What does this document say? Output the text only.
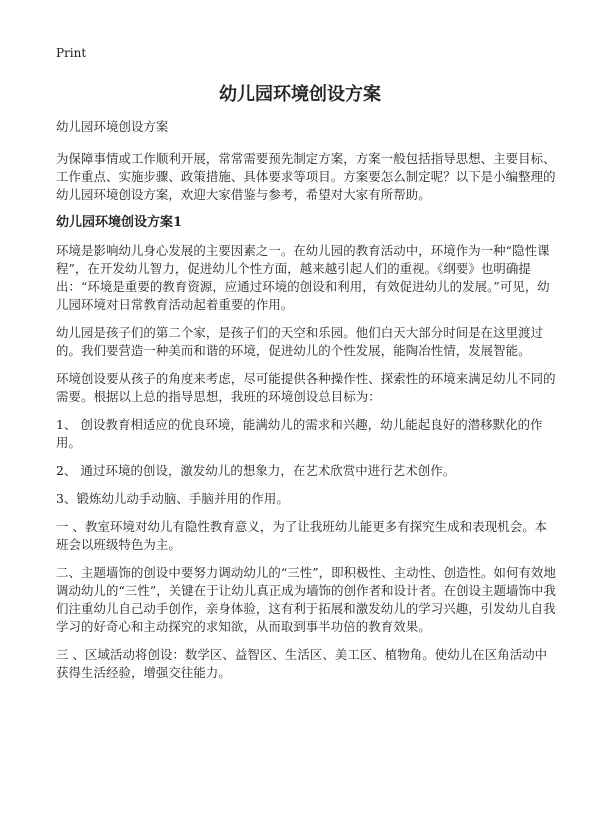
Print
幼儿园环境创设方案

幼儿园环境创设方案

为保障事情或工作顺利开展，常常需要预先制定方案，方案一般包括指导思想、主要目标、工作重点、实施步骤、政策措施、具体要求等项目。方案要怎么制定呢？以下是小编整理的幼儿园环境创设方案，欢迎大家借鉴与参考，希望对大家有所帮助。

幼儿园环境创设方案1

环境是影响幼儿身心发展的主要因素之一。在幼儿园的教育活动中，环境作为一种“隐性课程”，在开发幼儿智力，促进幼儿个性方面，越来越引起人们的重视。《纲要》也明确提出：“环境是重要的教育资源，应通过环境的创设和利用，有效促进幼儿的发展。”可见，幼儿园环境对日常教育活动起着重要的作用。

幼儿园是孩子们的第二个家，是孩子们的天空和乐园。他们白天大部分时间是在这里渡过的。我们要营造一种美而和谐的环境，促进幼儿的个性发展，能陶冶性情，发展智能。

环境创设要从孩子的角度来考虑，尽可能提供各种操作性、探索性的环境来满足幼儿不同的需要。根据以上总的指导思想，我班的环境创设总目标为：

1、 创设教育相适应的优良环境，能满幼儿的需求和兴趣，幼儿能起良好的潜移默化的作用。

2、 通过环境的创设，激发幼儿的想象力，在艺术欣赏中进行艺术创作。

3、锻炼幼儿动手动脑、手脑并用的作用。

一 、教室环境对幼儿有隐性教育意义，为了让我班幼儿能更多有探究生成和表现机会。本班会以班级特色为主。

二、主题墙饰的创设中要努力调动幼儿的“三性”，即积极性、主动性、创造性。如何有效地调动幼儿的“三性”，关键在于让幼儿真正成为墙饰的创作者和设计者。在创设主题墙饰中我们注重幼儿自己动手创作，亲身体验，这有利于拓展和激发幼儿的学习兴趣，引发幼儿自我学习的好奇心和主动探究的求知欲，从而取到事半功倍的教育效果。

三 、区域活动将创设：数学区、益智区、生活区、美工区、植物角。使幼儿在区角活动中获得生活经验，增强交往能力。
